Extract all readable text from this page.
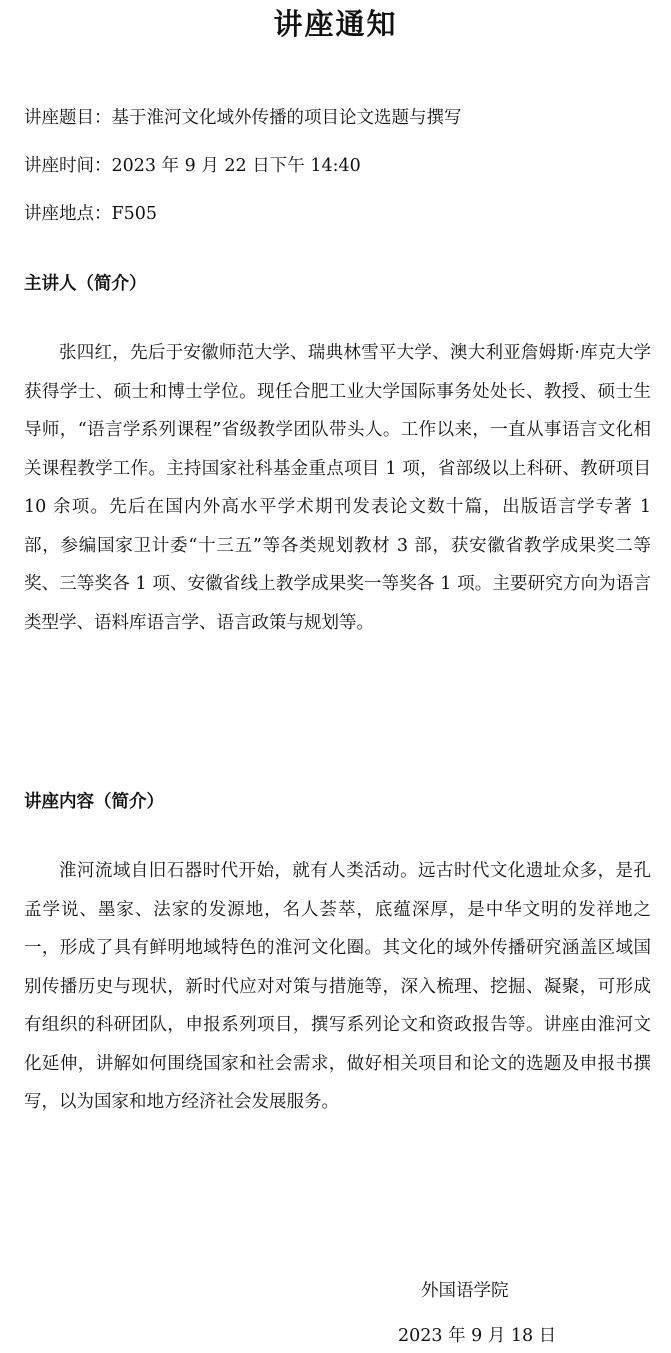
讲座通知
讲座题目：基于淮河文化域外传播的项目论文选题与撰写
讲座时间：2023 年 9 月 22 日下午 14:40
讲座地点：F505
主讲人（简介）

张四红，先后于安徽师范大学、瑞典林雪平大学、澳大利亚詹姆斯·库克大学获得学士、硕士和博士学位。现任合肥工业大学国际事务处处长、教授、硕士生导师，“语言学系列课程”省级教学团队带头人。工作以来，一直从事语言文化相关课程教学工作。主持国家社科基金重点项目 1 项，省部级以上科研、教研项目 10 余项。先后在国内外高水平学术期刊发表论文数十篇，出版语言学专著 1 部，参编国家卫计委“十三五”等各类规划教材 3 部，获安徽省教学成果奖二等奖、三等奖各 1 项、安徽省线上教学成果奖一等奖各 1 项。主要研究方向为语言类型学、语料库语言学、语言政策与规划等。

讲座内容（简介）

淮河流域自旧石器时代开始，就有人类活动。远古时代文化遗址众多，是孔孟学说、墨家、法家的发源地，名人荟萃，底蕴深厚，是中华文明的发祥地之一，形成了具有鲜明地域特色的淮河文化圈。其文化的域外传播研究涵盖区域国别传播历史与现状，新时代应对对策与措施等，深入梳理、挖掘、凝聚，可形成有组织的科研团队，申报系列项目，撰写系列论文和资政报告等。讲座由淮河文化延伸，讲解如何围绕国家和社会需求，做好相关项目和论文的选题及申报书撰写，以为国家和地方经济社会发展服务。

外国语学院
2023 年 9 月 18 日
